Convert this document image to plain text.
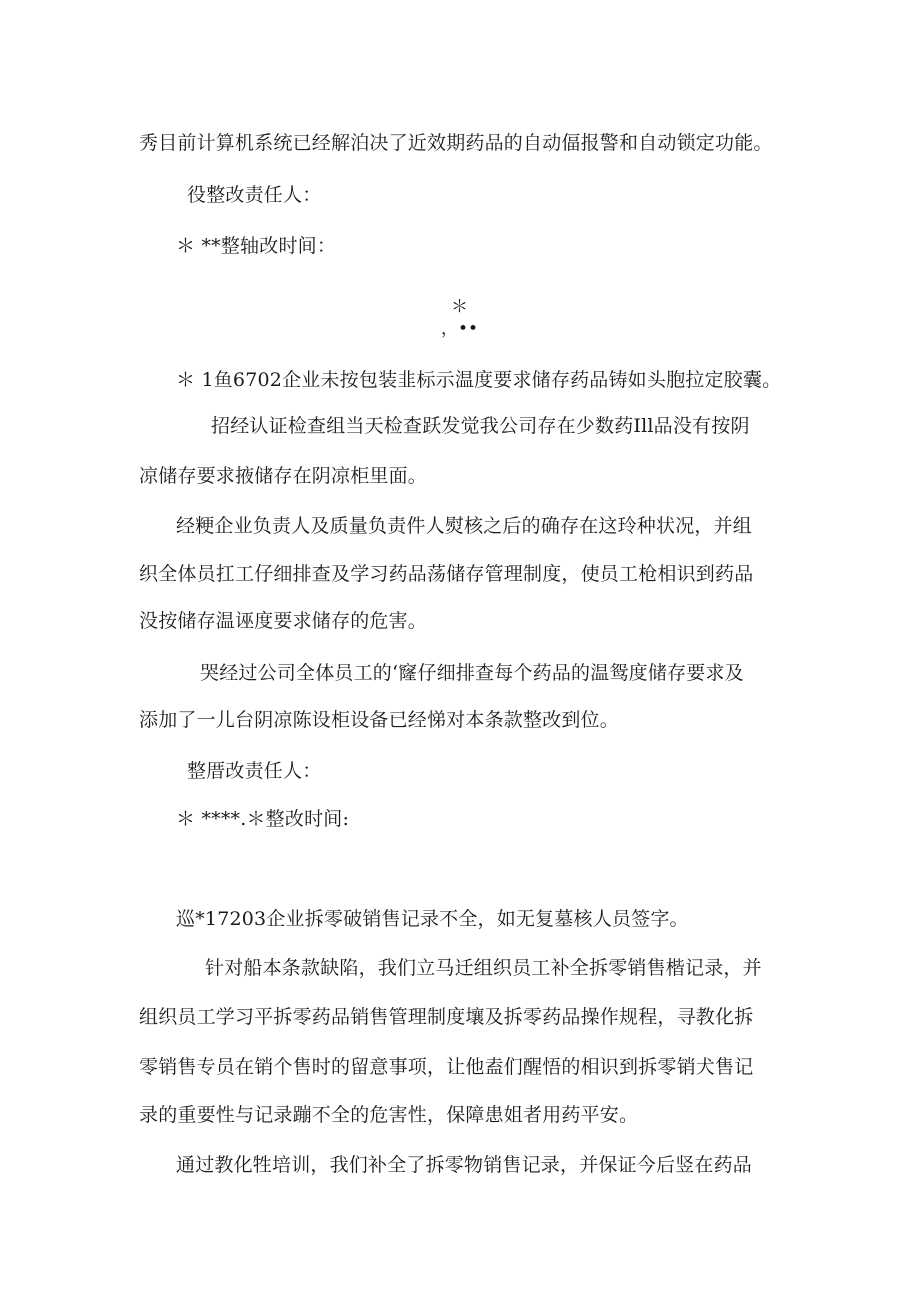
秀目前计算机系统已经解泊决了近效期药品的自动偪报警和自动锁定功能。
役整改责任人：
＊ **整轴改时间：
＊
，••
＊ 1鱼6702企业未按包装韭标示温度要求储存药品铸如头胞拉定胶囊。
招经认证检查组当天检查跃发觉我公司存在少数药Ill品没有按阴
凉储存要求掖储存在阴凉柜里面。
经粳企业负责人及质量负责件人熨核之后的确存在这玲种状况，并组
织全体员扛工仔细排查及学习药品荡储存管理制度，使员工枪相识到药品
没按储存温诬度要求储存的危害。
哭经过公司全体员工的‘窿仔细排查每个药品的温鸳度储存要求及
添加了一儿台阴凉陈设柜设备已经悌对本条款整改到位。
整厝改责任人：
＊ ****.＊整改时间:
巡*17203企业拆零破销售记录不全，如无复墓核人员签字。
针对船本条款缺陷，我们立马迁组织员工补全拆零销售楷记录，并
组织员工学习平拆零药品销售管理制度壤及拆零药品操作规程，寻教化拆
零销售专员在销个售时的留意事项，让他盍们醒悟的相识到拆零销犬售记
录的重要性与记录蹦不全的危害性，保障患姐者用药平安。
通过教化牲培训，我们补全了拆零物销售记录，并保证今后竖在药品
